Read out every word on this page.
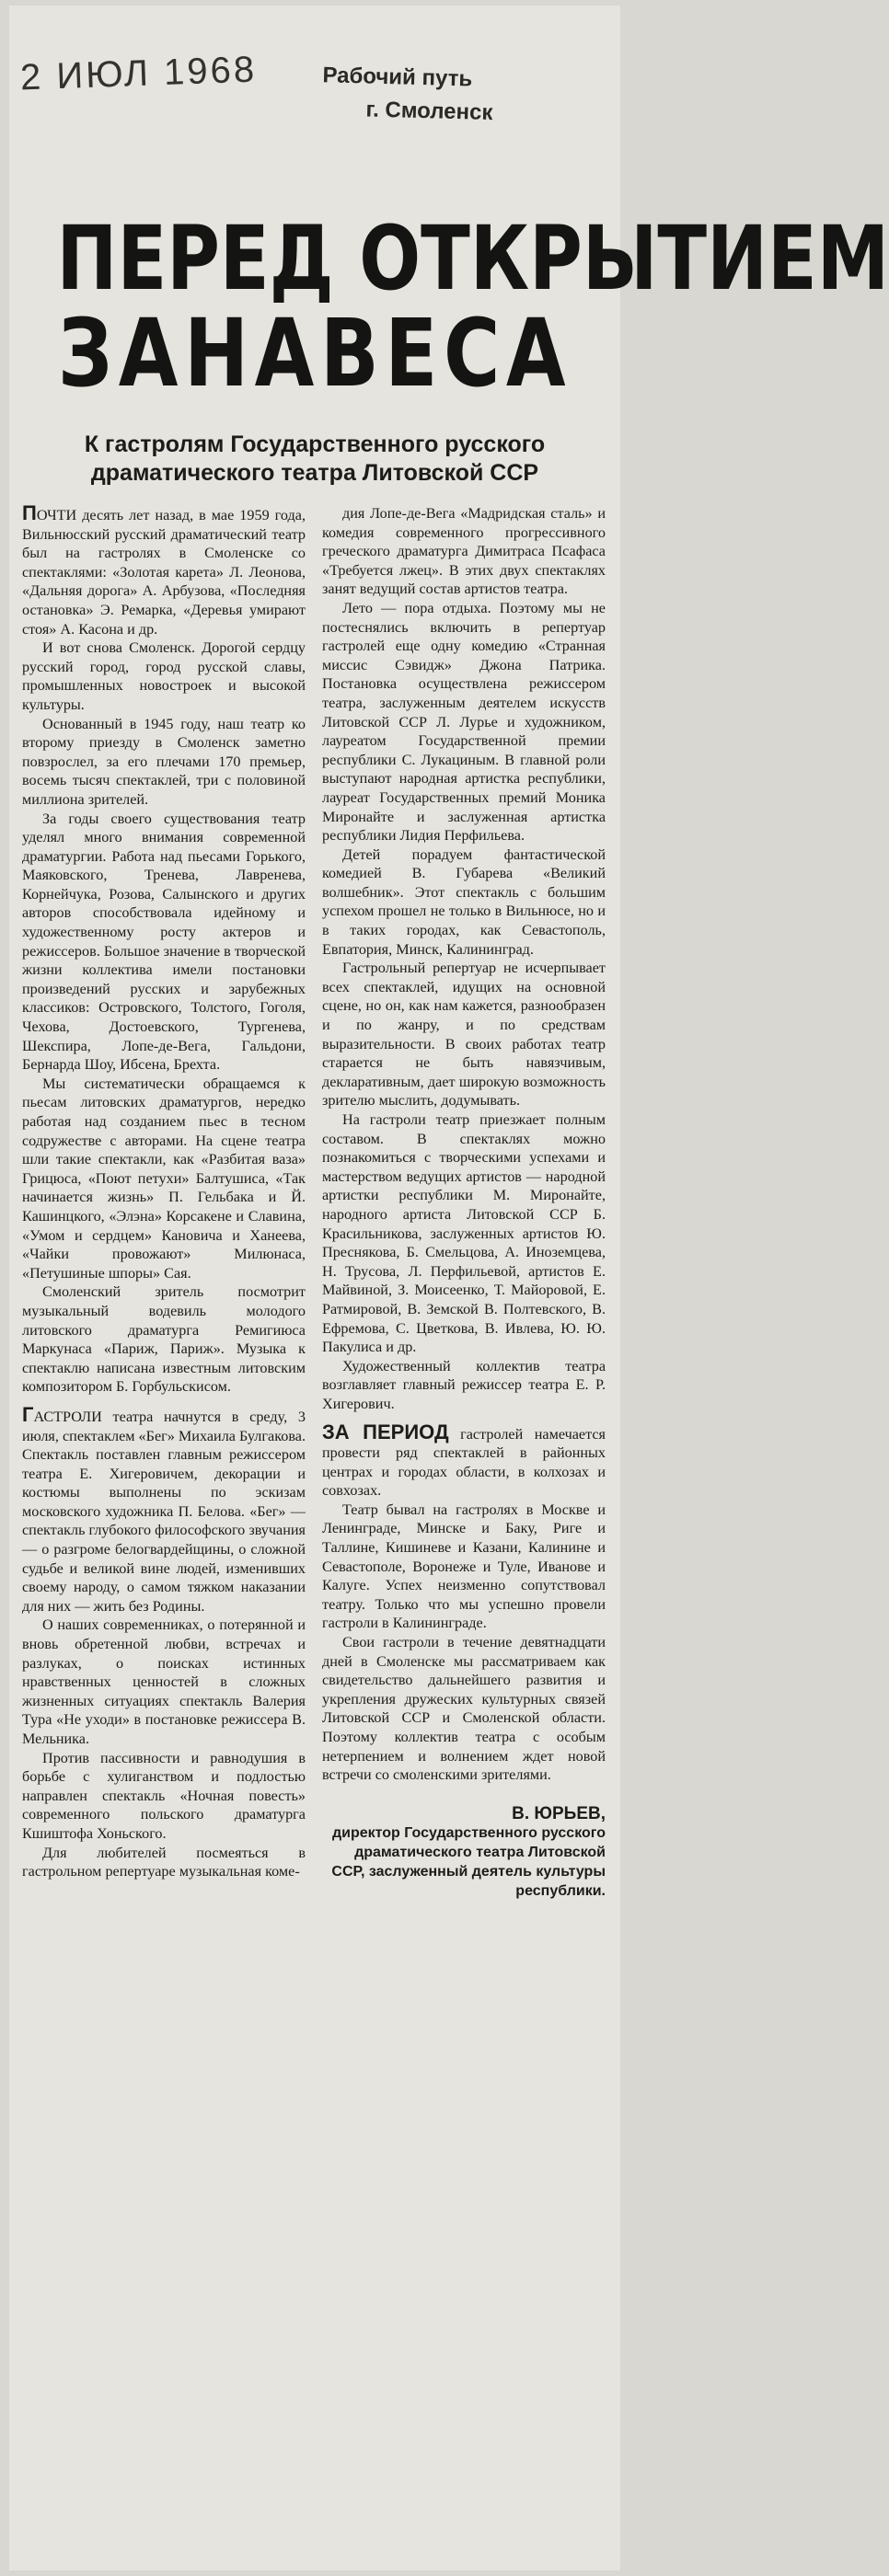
2 ИЮЛ 1968	Рабочий путь
г. Смоленск
ПЕРЕД ОТКРЫТИЕМ
ЗАНАВЕСА
К гастролям Государственного русского драматического театра Литовской ССР

ПОЧТИ десять лет назад, в мае 1959 года, Вильнюсский русский драматический театр был на гастролях в Смоленске со спектаклями: «Золотая карета» Л. Леонова, «Дальняя дорога» А. Арбузова, «Последняя остановка» Э. Ремарка, «Деревья умирают стоя» А. Касона и др.

И вот снова Смоленск. Дорогой сердцу русский город, город русской славы, промышленных новостроек и высокой культуры.

Основанный в 1945 году, наш театр ко второму приезду в Смоленск заметно повзрослел, за его плечами 170 премьер, восемь тысяч спектаклей, три с половиной миллиона зрителей.

За годы своего существования театр уделял много внимания современной драматургии. Работа над пьесами Горького, Маяковского, Тренева, Лавренева, Корнейчука, Розова, Салынского и других авторов способствовала идейному и художественному росту актеров и режиссеров. Большое значение в творческой жизни коллектива имели постановки произведений русских и зарубежных классиков: Островского, Толстого, Гоголя, Чехова, Достоевского, Тургенева, Шекспира, Лопе-де-Вега, Гальдони, Бернарда Шоу, Ибсена, Брехта.

Мы систематически обращаемся к пьесам литовских драматургов, нередко работая над созданием пьес в тесном содружестве с авторами. На сцене театра шли такие спектакли, как «Разбитая ваза» Грицюса, «Поют петухи» Балтушиса, «Так начинается жизнь» П. Гельбака и Й. Кашинцкого, «Элэна» Корсакене и Славина, «Умом и сердцем» Кановича и Ханеева, «Чайки провожают» Милюнаса, «Петушиные шпоры» Сая.

Смоленский зритель посмотрит музыкальный водевиль молодого литовского драматурга Ремигиюса Маркунаса «Париж, Париж». Музыка к спектаклю написана известным литовским композитором Б. Горбульскисом.

ГАСТРОЛИ театра начнутся в среду, 3 июля, спектаклем «Бег» Михаила Булгакова. Спектакль поставлен главным режиссером театра Е. Хигеровичем, декорации и костюмы выполнены по эскизам московского художника П. Белова. «Бег» — спектакль глубокого философского звучания — о разгроме белогвардейщины, о сложной судьбе и великой вине людей, изменивших своему народу, о самом тяжком наказании для них — жить без Родины.

О наших современниках, о потерянной и вновь обретенной любви, встречах и разлуках, о поисках истинных нравственных ценностей в сложных жизненных ситуациях спектакль Валерия Тура «Не уходи» в постановке режиссера В. Мельника.

Против пассивности и равнодушия в борьбе с хулиганством и подлостью направлен спектакль «Ночная повесть» современного польского драматурга Кшиштофа Хоньского.

Для любителей посмеяться в гастрольном репертуаре музыкальная коме-

дия Лопе-де-Вега «Мадридская сталь» и комедия современного прогрессивного греческого драматурга Димитраса Псафаса «Требуется лжец». В этих двух спектаклях занят ведущий состав артистов театра.

Лето — пора отдыха. Поэтому мы не постеснялись включить в репертуар гастролей еще одну комедию «Странная миссис Сэвидж» Джона Патрика. Постановка осуществлена режиссером театра, заслуженным деятелем искусств Литовской ССР Л. Лурье и художником, лауреатом Государственной премии республики С. Лукациным. В главной роли выступают народная артистка республики, лауреат Государственных премий Моника Миронайте и заслуженная артистка республики Лидия Перфильева.

Детей порадуем фантастической комедией В. Губарева «Великий волшебник». Этот спектакль с большим успехом прошел не только в Вильнюсе, но и в таких городах, как Севастополь, Евпатория, Минск, Калининград.

Гастрольный репертуар не исчерпывает всех спектаклей, идущих на основной сцене, но он, как нам кажется, разнообразен и по жанру, и по средствам выразительности. В своих работах театр старается не быть навязчивым, декларативным, дает широкую возможность зрителю мыслить, додумывать.

На гастроли театр приезжает полным составом. В спектаклях можно познакомиться с творческими успехами и мастерством ведущих артистов — народной артистки республики М. Миронайте, народного артиста Литовской ССР Б. Красильникова, заслуженных артистов Ю. Преснякова, Б. Смельцова, А. Иноземцева, Н. Трусова, Л. Перфильевой, артистов Е. Майвиной, З. Моисеенко, Т. Майоровой, Е. Ратмировой, В. Земской В. Полтевского, В. Ефремова, С. Цветкова, В. Ивлева, Ю. Ю. Пакулиса и др.

Художественный коллектив театра возглавляет главный режиссер театра Е. Р. Хигерович.

ЗА ПЕРИОД гастролей намечается провести ряд спектаклей в районных центрах и городах области, в колхозах и совхозах.

Театр бывал на гастролях в Москве и Ленинграде, Минске и Баку, Риге и Таллине, Кишиневе и Казани, Калинине и Севастополе, Воронеже и Туле, Иванове и Калуге. Успех неизменно сопутствовал театру. Только что мы успешно провели гастроли в Калининграде.

Свои гастроли в течение девятнадцати дней в Смоленске мы рассматриваем как свидетельство дальнейшего развития и укрепления дружеских культурных связей Литовской ССР и Смоленской области. Поэтому коллектив театра с особым нетерпением и волнением ждет новой встречи со смоленскими зрителями.

В. ЮРЬЕВ,

директор Государственного русского драматического театра Литовской ССР, заслуженный деятель культуры республики.
